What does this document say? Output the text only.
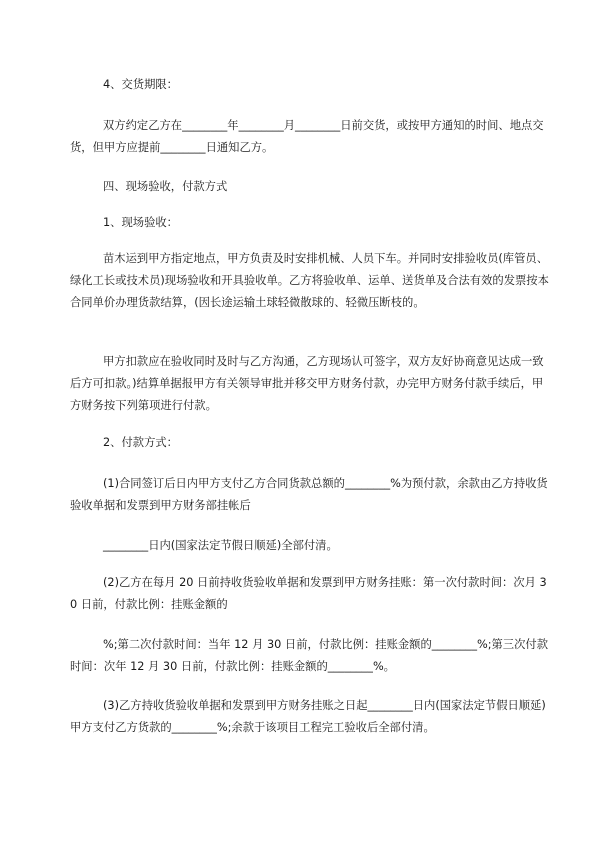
4、交货期限：

双方约定乙方在________年________月________日前交货，或按甲方通知的时间、地点交货，但甲方应提前________日通知乙方。

四、现场验收，付款方式

1、现场验收：

苗木运到甲方指定地点，甲方负责及时安排机械、人员下车。并同时安排验收员(库管员、绿化工长或技术员)现场验收和开具验收单。乙方将验收单、运单、送货单及合法有效的发票按本合同单价办理货款结算，(因长途运输土球轻微散球的、轻微压断枝的。

甲方扣款应在验收同时及时与乙方沟通，乙方现场认可签字，双方友好协商意见达成一致后方可扣款。)结算单据报甲方有关领导审批并移交甲方财务付款，办完甲方财务付款手续后，甲方财务按下列第项进行付款。

2、付款方式：

(1)合同签订后日内甲方支付乙方合同货款总额的________%为预付款，余款由乙方持收货验收单据和发票到甲方财务部挂帐后

________日内(国家法定节假日顺延)全部付清。

(2)乙方在每月 20 日前持收货验收单据和发票到甲方财务挂账：第一次付款时间：次月 30 日前，付款比例：挂账金额的

%;第二次付款时间：当年 12 月 30 日前，付款比例：挂账金额的________%;第三次付款时间：次年 12 月 30 日前，付款比例：挂账金额的________%。

(3)乙方持收货验收单据和发票到甲方财务挂账之日起________日内(国家法定节假日顺延)甲方支付乙方货款的________%;余款于该项目工程完工验收后全部付清。
